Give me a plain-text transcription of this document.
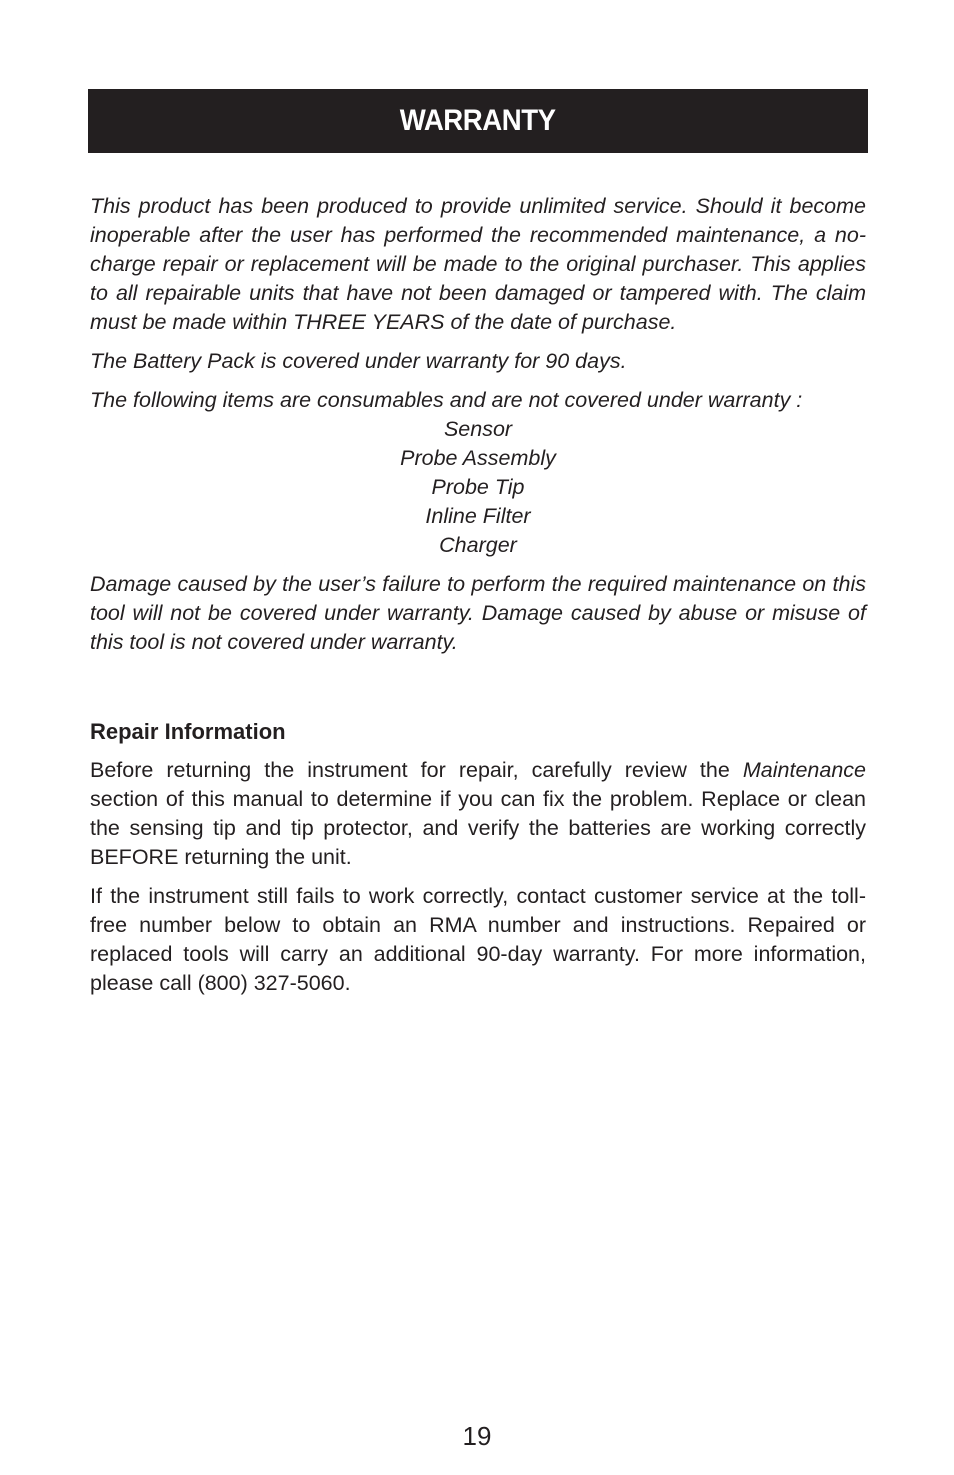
WARRANTY

This product has been produced to provide unlimited service. Should it become inoperable after the user has performed the recommended maintenance, a no-charge repair or replacement will be made to the original purchaser. This applies to all repairable units that have not been damaged or tampered with. The claim must be made within THREE YEARS of the date of purchase.

The Battery Pack is covered under warranty for 90 days.

The following items are consumables and are not covered under warranty :

Sensor
Probe Assembly
Probe Tip
Inline Filter
Charger

Damage caused by the user’s failure to perform the required maintenance on this tool will not be covered under warranty. Damage caused by abuse or misuse of this tool is not covered under warranty.

Repair Information

Before returning the instrument for repair, carefully review the Maintenance section of this manual to determine if you can fix the problem. Replace or clean the sensing tip and tip protector, and verify the batteries are working correctly BEFORE returning the unit.

If the instrument still fails to work correctly, contact customer service at the toll-free number below to obtain an RMA number and instructions. Repaired or replaced tools will carry an additional 90-day warranty. For more information, please call (800) 327-5060.

19
